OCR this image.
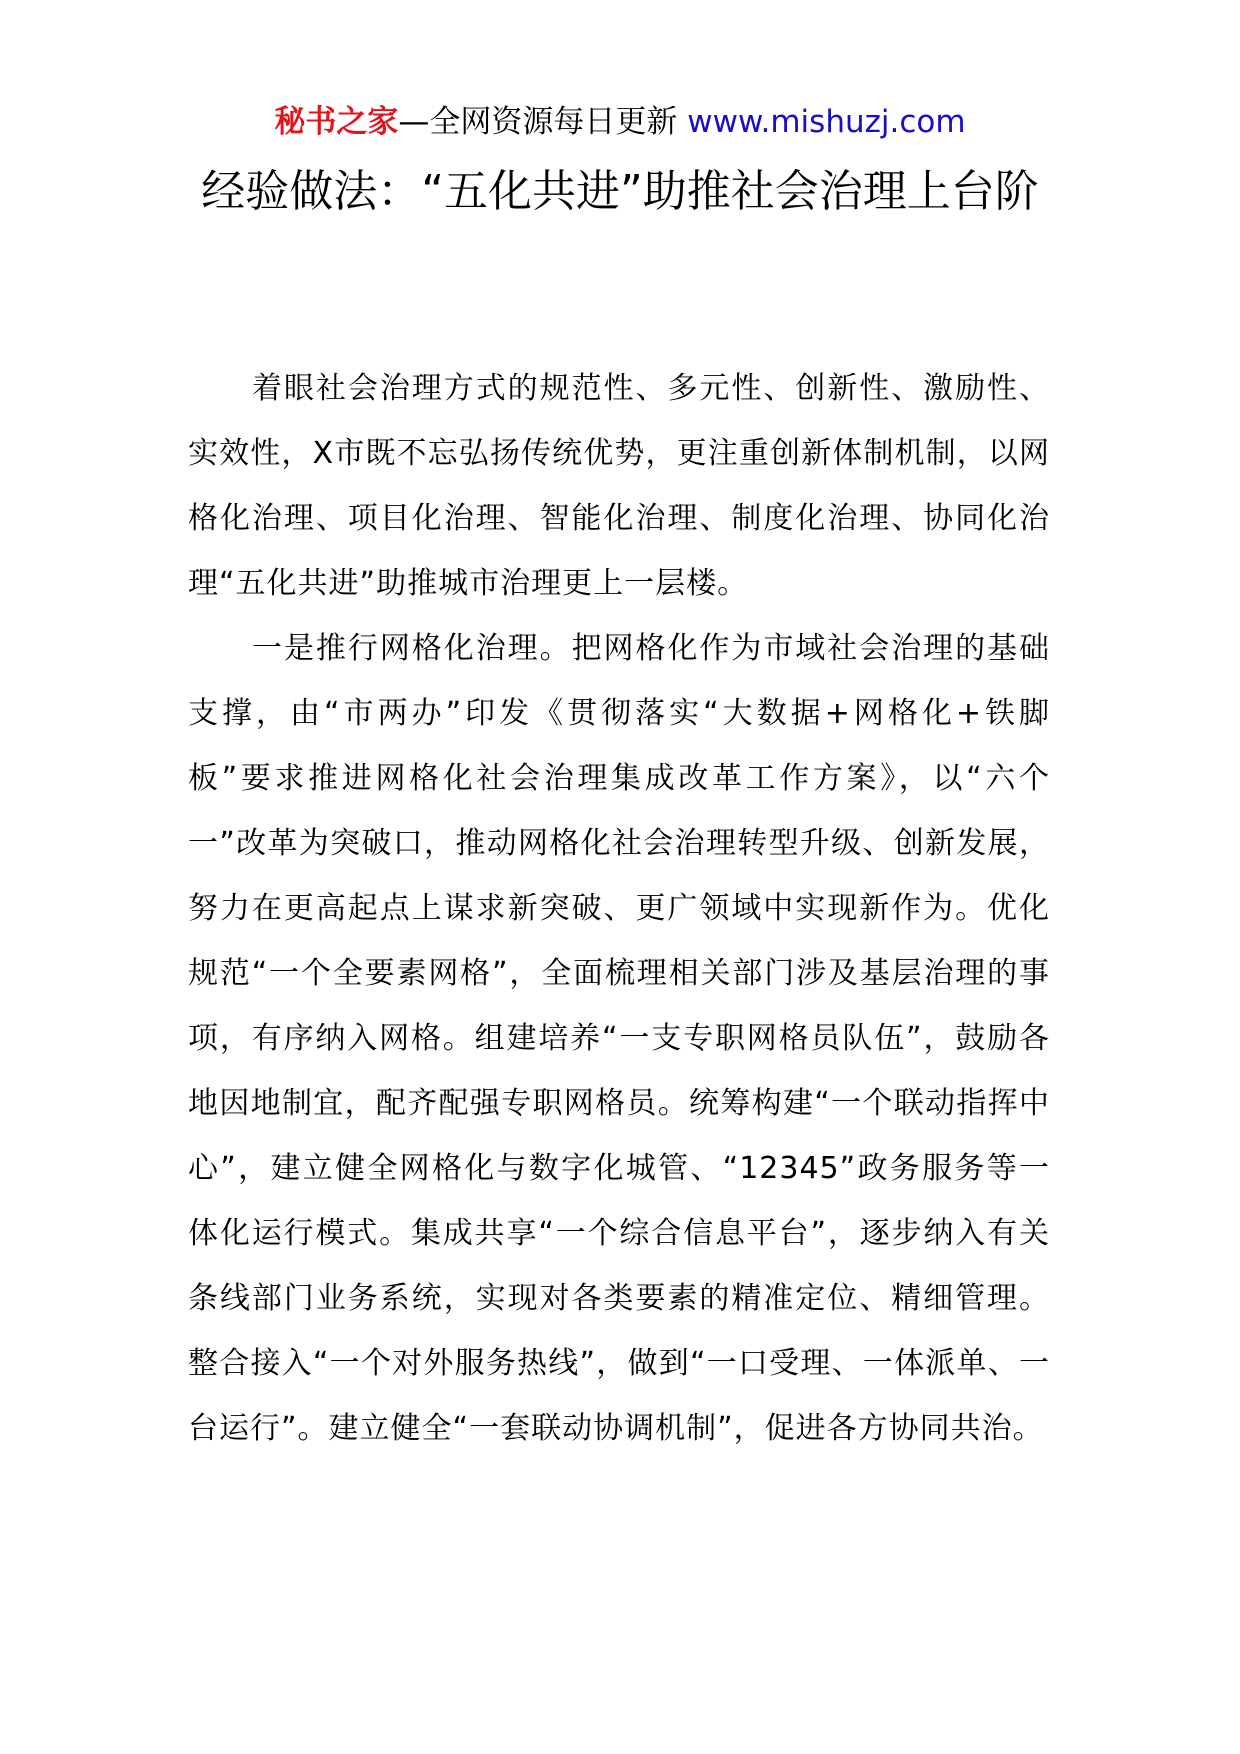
秘书之家—全网资源每日更新 www.mishuzj.com
经验做法：“五化共进”助推社会治理上台阶

着眼社会治理方式的规范性、多元性、创新性、激励性、实效性，X市既不忘弘扬传统优势，更注重创新体制机制，以网格化治理、项目化治理、智能化治理、制度化治理、协同化治理“五化共进”助推城市治理更上一层楼。

一是推行网格化治理。把网格化作为市域社会治理的基础支撑，由“市两办”印发《贯彻落实“大数据+网格化+铁脚板”要求推进网格化社会治理集成改革工作方案》，以“六个一”改革为突破口，推动网格化社会治理转型升级、创新发展，努力在更高起点上谋求新突破、更广领域中实现新作为。优化规范“一个全要素网格”，全面梳理相关部门涉及基层治理的事项，有序纳入网格。组建培养“一支专职网格员队伍”，鼓励各地因地制宜，配齐配强专职网格员。统筹构建“一个联动指挥中心”，建立健全网格化与数字化城管、“12345”政务服务等一体化运行模式。集成共享“一个综合信息平台”，逐步纳入有关条线部门业务系统，实现对各类要素的精准定位、精细管理。整合接入“一个对外服务热线”，做到“一口受理、一体派单、一台运行”。建立健全“一套联动协调机制”，促进各方协同共治。
